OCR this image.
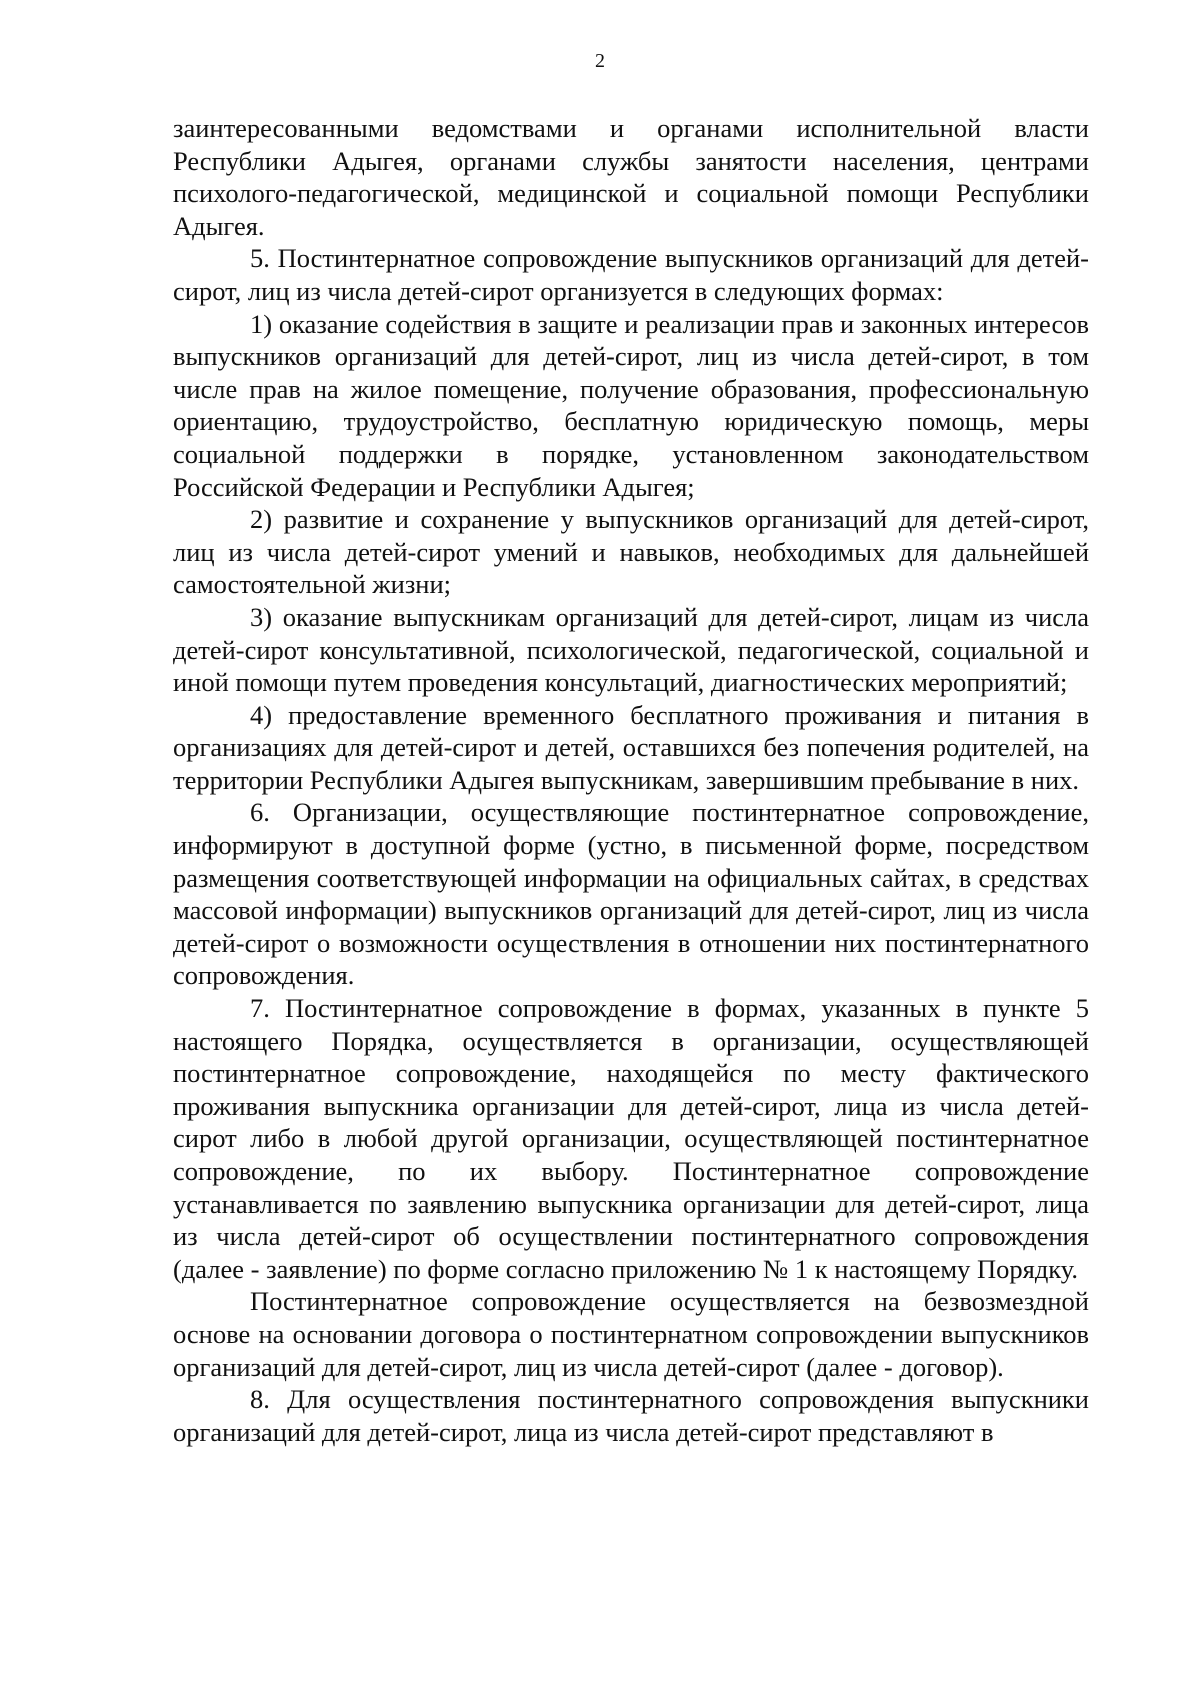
2

заинтересованными ведомствами и органами исполнительной власти Республики Адыгея, органами службы занятости населения, центрами психолого-педагогической, медицинской и социальной помощи Республики Адыгея.

5. Постинтернатное сопровождение выпускников организаций для детей-сирот, лиц из числа детей-сирот организуется в следующих формах:

1) оказание содействия в защите и реализации прав и законных интересов выпускников организаций для детей-сирот, лиц из числа детей-сирот, в том числе прав на жилое помещение, получение образования, профессиональную ориентацию, трудоустройство, бесплатную юридическую помощь, меры социальной поддержки в порядке, установленном законодательством Российской Федерации и Республики Адыгея;

2) развитие и сохранение у выпускников организаций для детей-сирот, лиц из числа детей-сирот умений и навыков, необходимых для дальнейшей самостоятельной жизни;

3) оказание выпускникам организаций для детей-сирот, лицам из числа детей-сирот консультативной, психологической, педагогической, социальной и иной помощи путем проведения консультаций, диагностических мероприятий;

4) предоставление временного бесплатного проживания и питания в организациях для детей-сирот и детей, оставшихся без попечения родителей, на территории Республики Адыгея выпускникам, завершившим пребывание в них.

6. Организации, осуществляющие постинтернатное сопровождение, информируют в доступной форме (устно, в письменной форме, посредством размещения соответствующей информации на официальных сайтах, в средствах массовой информации) выпускников организаций для детей-сирот, лиц из числа детей-сирот о возможности осуществления в отношении них постинтернатного сопровождения.

7. Постинтернатное сопровождение в формах, указанных в пункте 5 настоящего Порядка, осуществляется в организации, осуществляющей постинтернатное сопровождение, находящейся по месту фактического проживания выпускника организации для детей-сирот, лица из числа детей-сирот либо в любой другой организации, осуществляющей постинтернатное сопровождение, по их выбору. Постинтернатное сопровождение устанавливается по заявлению выпускника организации для детей-сирот, лица из числа детей-сирот об осуществлении постинтернатного сопровождения (далее - заявление) по форме согласно приложению № 1 к настоящему Порядку.

Постинтернатное сопровождение осуществляется на безвозмездной основе на основании договора о постинтернатном сопровождении выпускников организаций для детей-сирот, лиц из числа детей-сирот (далее - договор).

8. Для осуществления постинтернатного сопровождения выпускники организаций для детей-сирот, лица из числа детей-сирот представляют в
